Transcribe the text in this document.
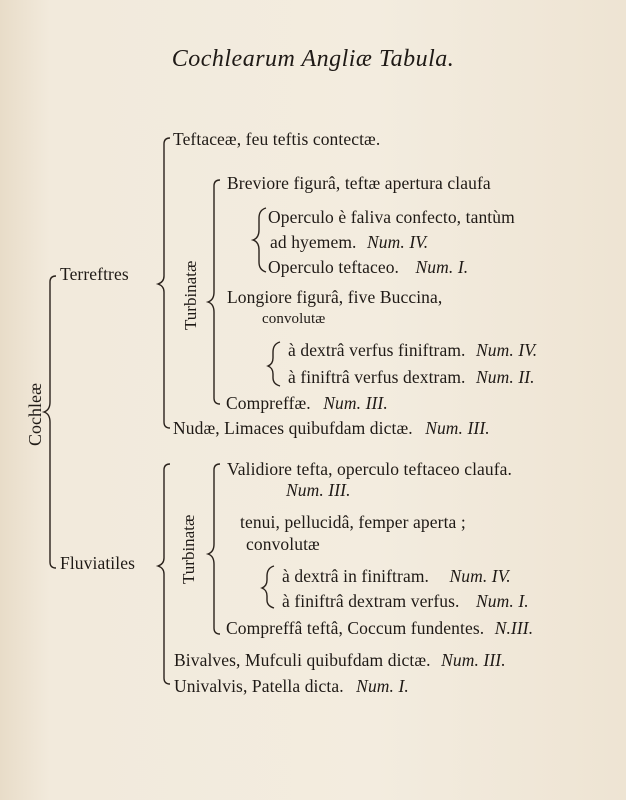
Cochlearum Angliæ Tabula.
Cochleæ
Terreftres
Teftaceæ, feu teftis contectæ.
Turbinatæ
Breviore figurâ, teftæ apertura claufa
Operculo è faliva confecto, tantùm
ad hyemem. Num. IV.
Operculo teftaceo. Num. I.
Longiore figurâ, five Buccina,
convolutæ
à dextrâ verfus finiftram. Num. IV.
à finiftrâ verfus dextram. Num. II.
Compreffæ. Num. III.
Nudæ, Limaces quibufdam dictæ. Num. III.
Fluviatiles	Turbinatæ
Validiore tefta, operculo teftaceo claufa.
Num. III.
tenui, pellucidâ, femper aperta ;
convolutæ
à dextrâ in finiftram. Num. IV.
à finiftrâ dextram verfus. Num. I.
Compreffâ teftâ, Coccum fundentes. N.III.
Bivalves, Mufculi quibufdam dictæ. Num. III.
Univalvis, Patella dicta. Num. I.
